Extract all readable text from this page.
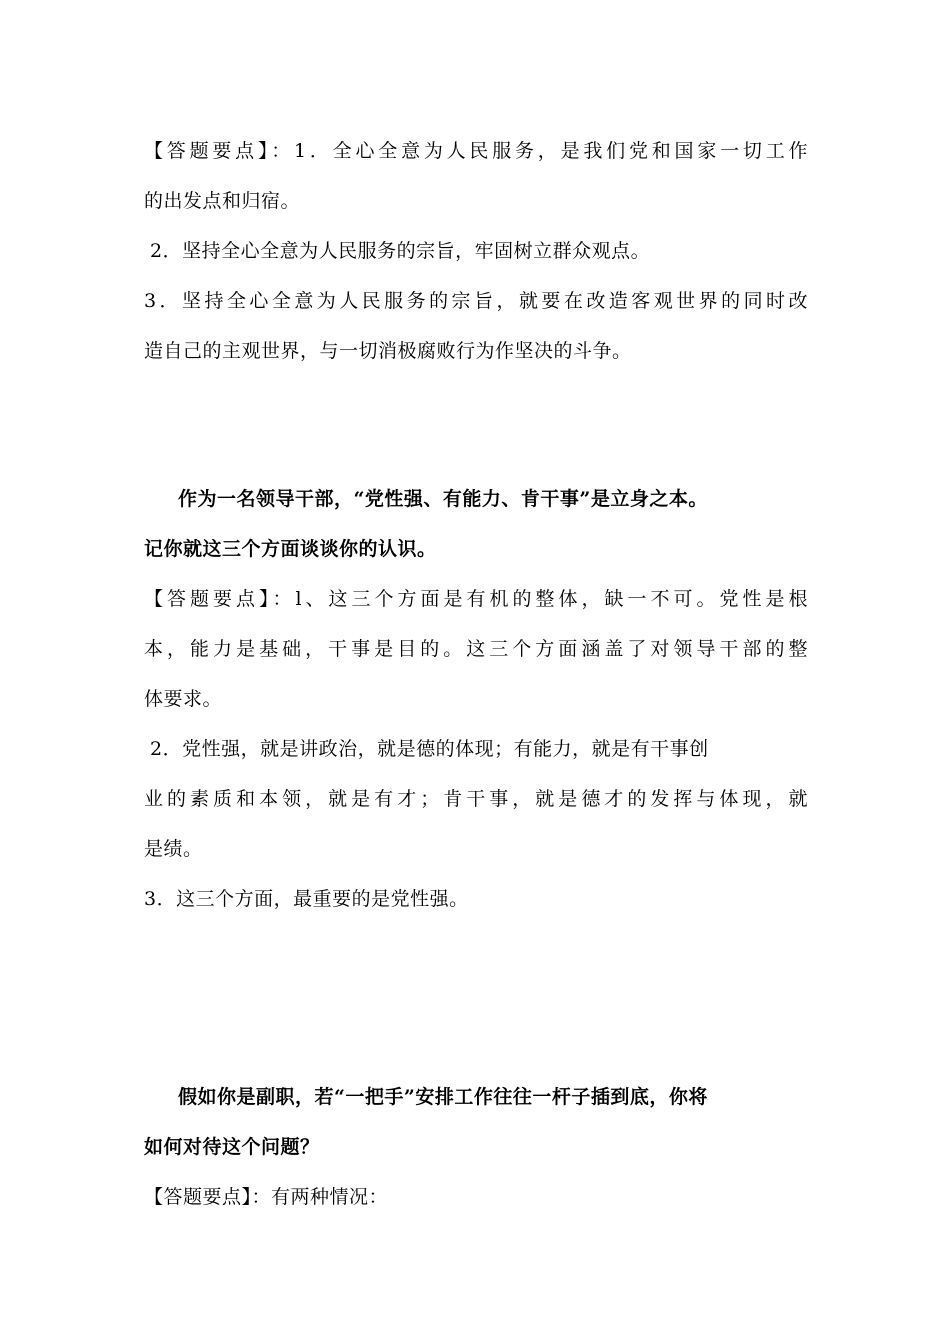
【答题要点】：1．全心全意为人民服务，是我们党和国家一切工作
的出发点和归宿。
2．坚持全心全意为人民服务的宗旨，牢固树立群众观点。
3．坚持全心全意为人民服务的宗旨，就要在改造客观世界的同时改
造自己的主观世界，与一切消极腐败行为作坚决的斗争。
作为一名领导干部，“党性强、有能力、肯干事”是立身之本。
记你就这三个方面谈谈你的认识。
【答题要点】：l、这三个方面是有机的整体，缺一不可。党性是根
本，能力是基础，干事是目的。这三个方面涵盖了对领导干部的整
体要求。
2．党性强，就是讲政治，就是德的体现；有能力，就是有干事创
业的素质和本领，就是有才；肯干事，就是德才的发挥与体现，就
是绩。
3．这三个方面，最重要的是党性强。
假如你是副职，若“一把手”安排工作往往一杆子插到底，你将
如何对待这个问题？
【答题要点】：有两种情况：
